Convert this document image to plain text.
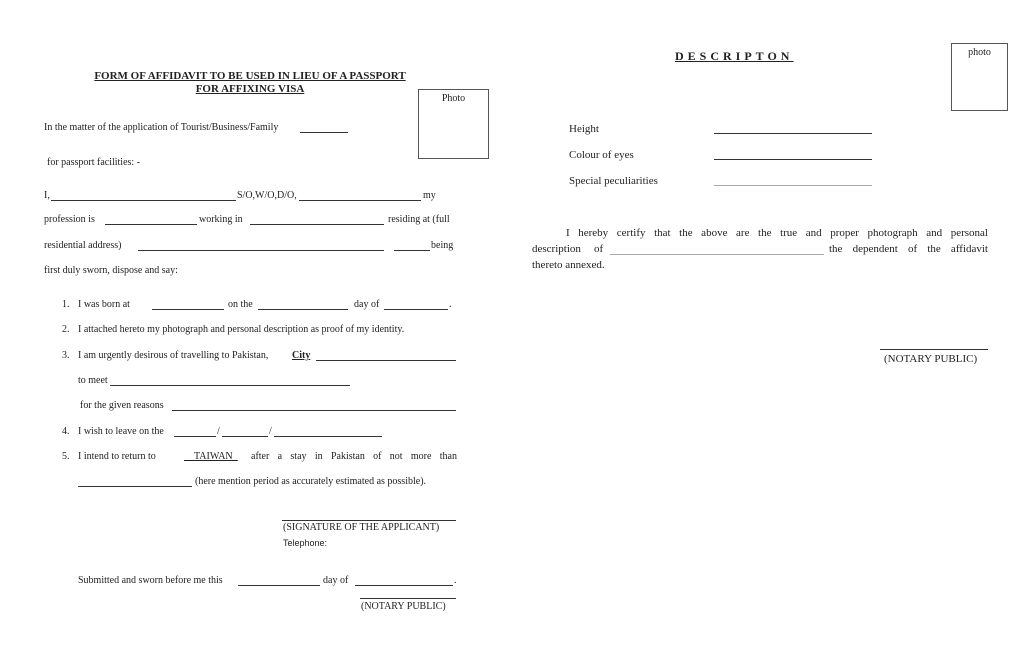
FORM OF AFFIDAVIT TO BE USED IN LIEU OF A PASSPORT
FOR AFFIXING VISA
Photo
In the matter of the application of Tourist/Business/Family
for passport facilities: -
I,	S/O,W/O,D/O,	my
profession is	working in	residing at (full
residential address)	being
first duly sworn, dispose and say:
1. I was born at	on the	day of	.
2. I attached hereto my photograph and personal description as proof of my identity.
3. I am urgently desirous of travelling to Pakistan, City
to meet
for the given reasons
4. I wish to leave on the	/	/
5. I intend to return to	__TAIWAN_ after a stay in Pakistan of not more than
(here mention period as accurately estimated as possible).
(SIGNATURE OF THE APPLICANT)
Telephone:
Submitted and sworn before me this	day of	.
(NOTARY PUBLIC)
DESCRIPTON	photo
Height
Colour of eyes
Special peculiarities
I hereby certify that the above are the true and proper photograph and personal
description of	the dependent of the affidavit
thereto annexed.
(NOTARY PUBLIC)
